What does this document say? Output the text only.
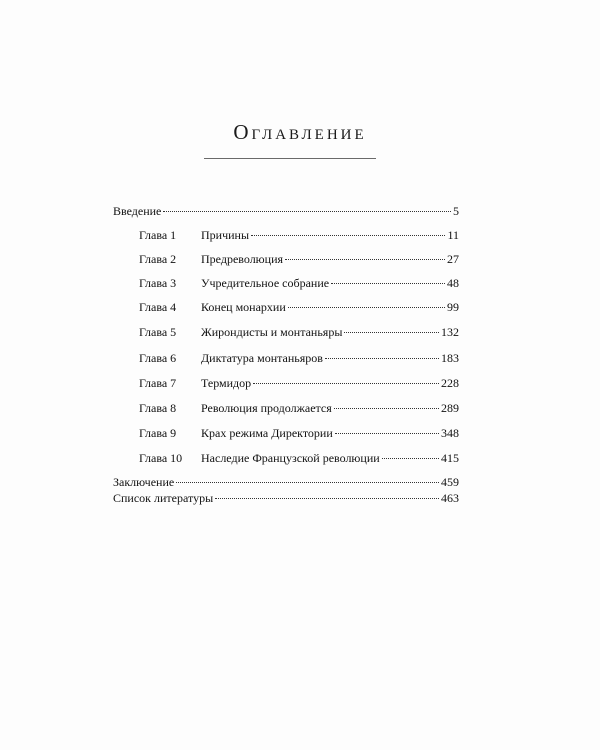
Оглавление
Введение	5
Глава 1 Причины	11
Глава 2 Предреволюция	27
Глава 3 Учредительное собрание	48
Глава 4 Конец монархии	99
Глава 5 Жирондисты и монтаньяры	132
Глава 6 Диктатура монтаньяров	183
Глава 7 Термидор	228
Глава 8 Революция продолжается	289
Глава 9 Крах режима Директории	348
Глава 10 Наследие Французской революции	415
Заключение	459
Список литературы	463
